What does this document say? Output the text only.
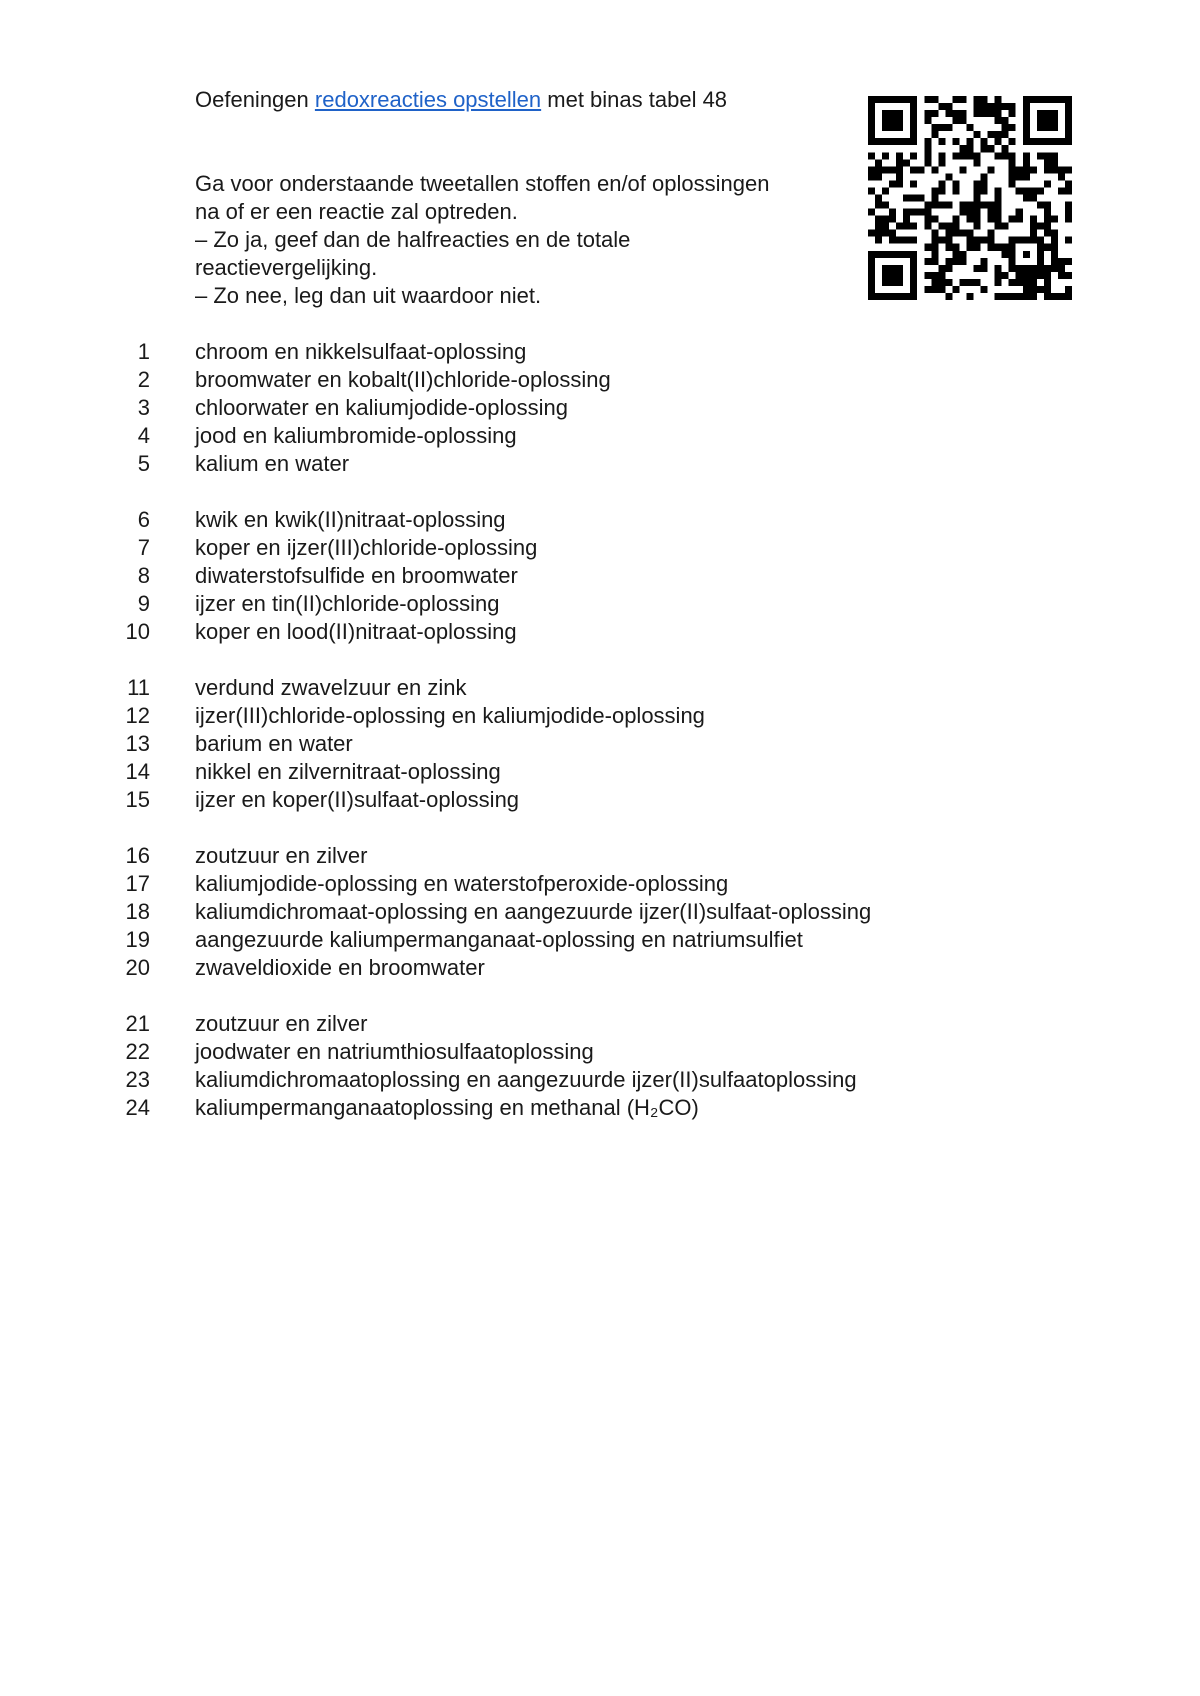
Oefeningen redoxreacties opstellen met binas tabel 48

Ga voor onderstaande tweetallen stoffen en/of oplossingen

na of er een reactie zal optreden.

– Zo ja, geef dan de halfreacties en de totale

reactievergelijking.

– Zo nee, leg dan uit waardoor niet.

1 chroom en nikkelsulfaat-oplossing
2 broomwater en kobalt(II)chloride-oplossing
3 chloorwater en kaliumjodide-oplossing
4 jood en kaliumbromide-oplossing
5 kalium en water
6 kwik en kwik(II)nitraat-oplossing
7 koper en ijzer(III)chloride-oplossing
8 diwaterstofsulfide en broomwater
9 ijzer en tin(II)chloride-oplossing
10 koper en lood(II)nitraat-oplossing
11 verdund zwavelzuur en zink
12 ijzer(III)chloride-oplossing en kaliumjodide-oplossing
13 barium en water
14 nikkel en zilvernitraat-oplossing
15 ijzer en koper(II)sulfaat-oplossing
16 zoutzuur en zilver
17 kaliumjodide-oplossing en waterstofperoxide-oplossing
18 kaliumdichromaat-oplossing en aangezuurde ijzer(II)sulfaat-oplossing
19 aangezuurde kaliumpermanganaat-oplossing en natriumsulfiet
20 zwaveldioxide en broomwater
21 zoutzuur en zilver
22 joodwater en natriumthiosulfaatoplossing
23 kaliumdichromaatoplossing en aangezuurde ijzer(II)sulfaatoplossing
24 kaliumpermanganaatoplossing en methanal (H₂CO)
